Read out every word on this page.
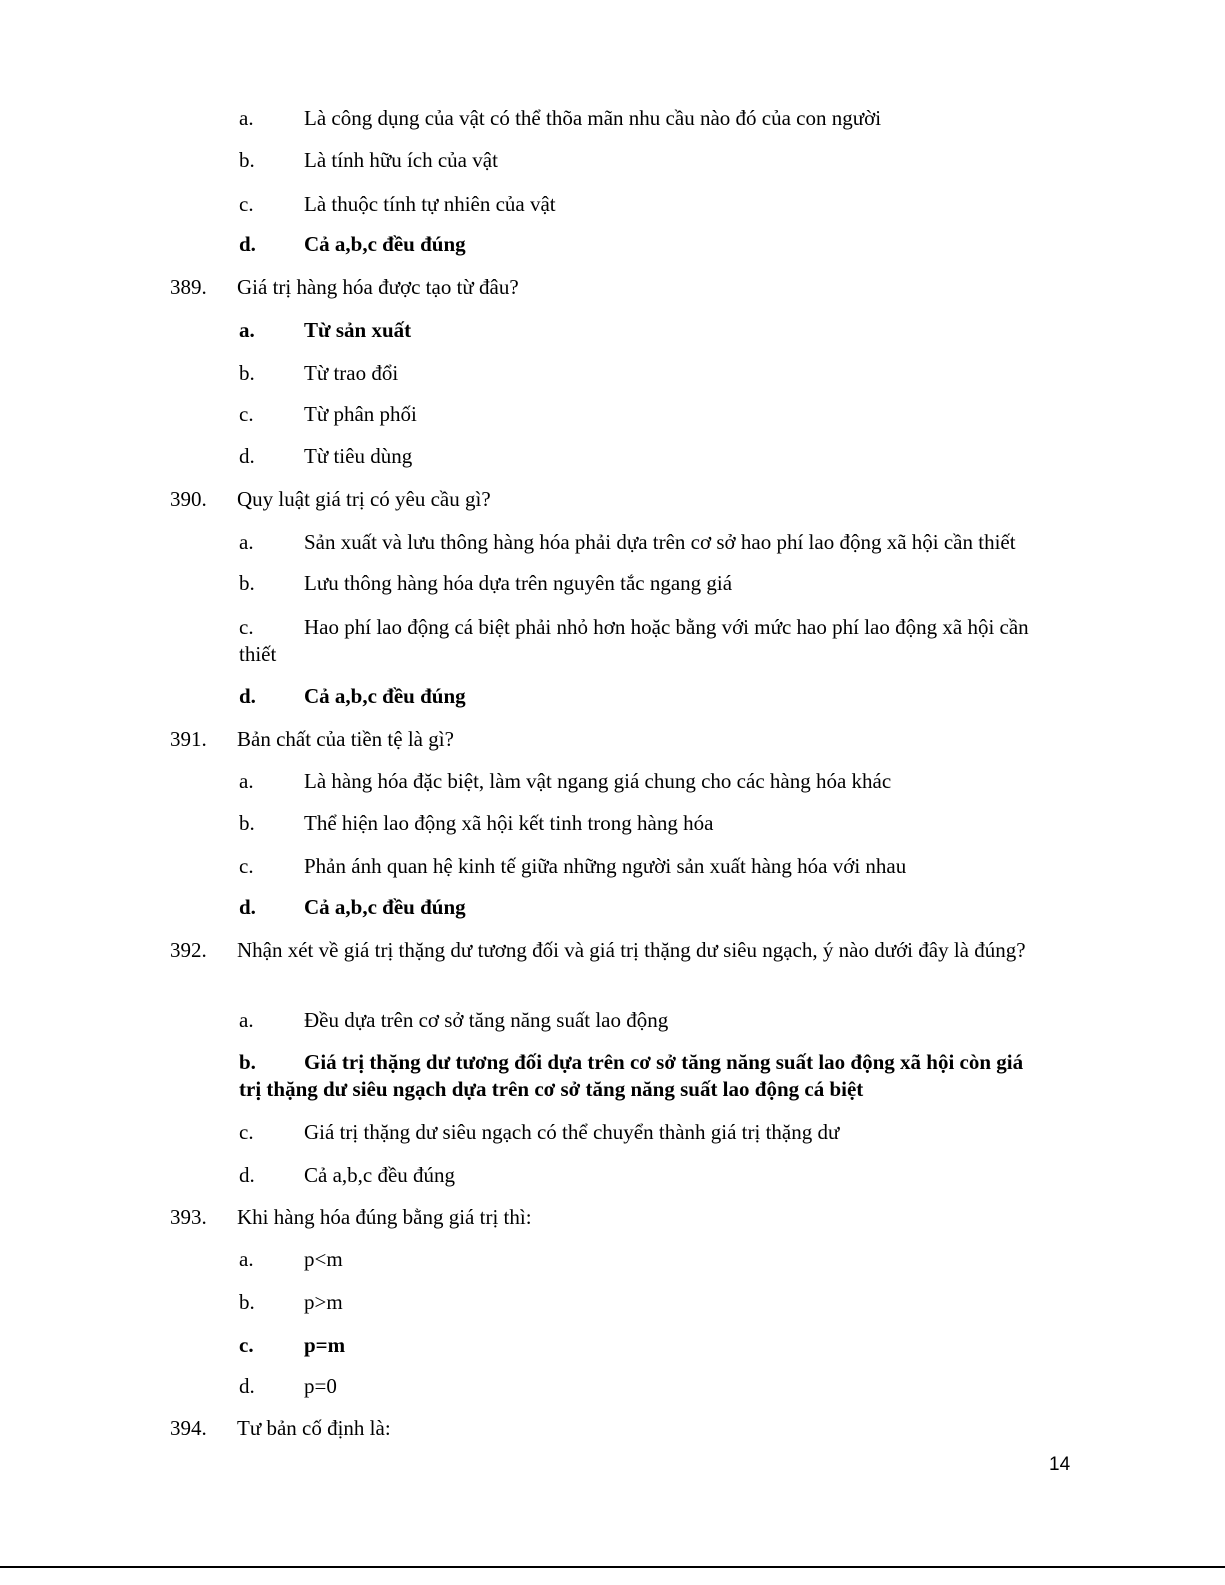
a. Là công dụng của vật có thể thõa mãn nhu cầu nào đó của con người
b. Là tính hữu ích của vật
c. Là thuộc tính tự nhiên của vật
d. Cả a,b,c đều đúng
389. Giá trị hàng hóa được tạo từ đâu?
a. Từ sản xuất
b. Từ trao đổi
c. Từ phân phối
d. Từ tiêu dùng
390. Quy luật giá trị có yêu cầu gì?
a. Sản xuất và lưu thông hàng hóa phải dựa trên cơ sở hao phí lao động xã hội cần thiết
b. Lưu thông hàng hóa dựa trên nguyên tắc ngang giá
c. Hao phí lao động cá biệt phải nhỏ hơn hoặc bằng với mức hao phí lao động xã hội cần thiết
d. Cả a,b,c đều đúng
391. Bản chất của tiền tệ là gì?
a. Là hàng hóa đặc biệt, làm vật ngang giá chung cho các hàng hóa khác
b. Thể hiện lao động xã hội kết tinh trong hàng hóa
c. Phản ánh quan hệ kinh tế giữa những người sản xuất hàng hóa với nhau
d. Cả a,b,c đều đúng
392. Nhận xét về giá trị thặng dư tương đối và giá trị thặng dư siêu ngạch, ý nào dưới đây là đúng?
a. Đều dựa trên cơ sở tăng năng suất lao động
b. Giá trị thặng dư tương đối dựa trên cơ sở tăng năng suất lao động xã hội còn giá trị thặng dư siêu ngạch dựa trên cơ sở tăng năng suất lao động cá biệt
c. Giá trị thặng dư siêu ngạch có thể chuyển thành giá trị thặng dư
d. Cả a,b,c đều đúng
393. Khi hàng hóa đúng bằng giá trị thì:
a. p<m
b. p>m
c. p=m
d. p=0
394. Tư bản cố định là:
14
